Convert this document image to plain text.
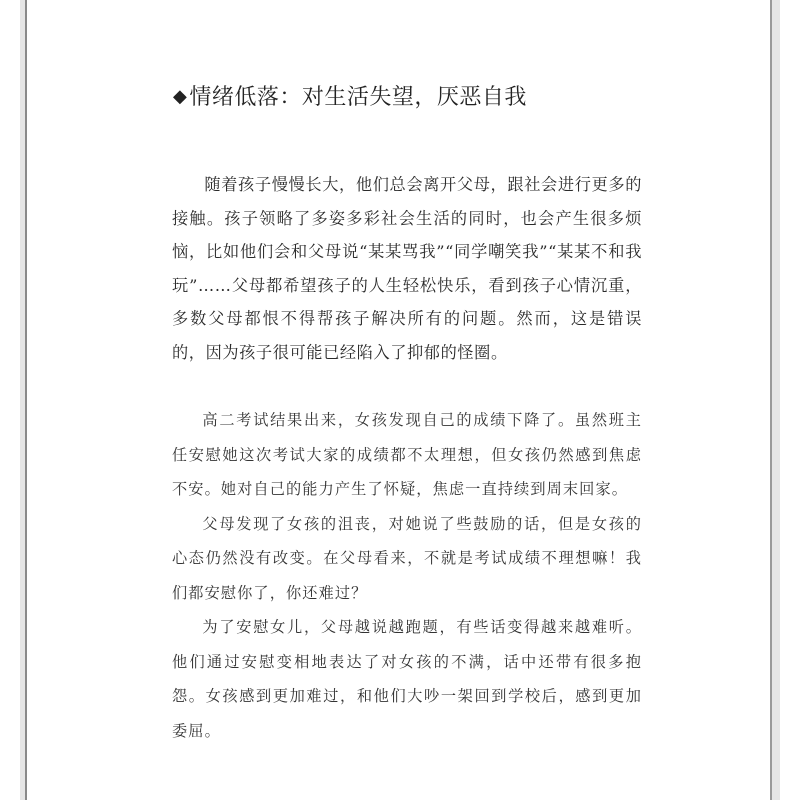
◆情绪低落：对生活失望，厌恶自我
随着孩子慢慢长大，他们总会离开父母，跟社会进行更多的接触。孩子领略了多姿多彩社会生活的同时，也会产生很多烦恼，比如他们会和父母说“某某骂我”“同学嘲笑我”“某某不和我玩”……父母都希望孩子的人生轻松快乐，看到孩子心情沉重，多数父母都恨不得帮孩子解决所有的问题。然而，这是错误的，因为孩子很可能已经陷入了抑郁的怪圈。

高二考试结果出来，女孩发现自己的成绩下降了。虽然班主任安慰她这次考试大家的成绩都不太理想，但女孩仍然感到焦虑不安。她对自己的能力产生了怀疑，焦虑一直持续到周末回家。

父母发现了女孩的沮丧，对她说了些鼓励的话，但是女孩的心态仍然没有改变。在父母看来，不就是考试成绩不理想嘛！我们都安慰你了，你还难过？

为了安慰女儿，父母越说越跑题，有些话变得越来越难听。他们通过安慰变相地表达了对女孩的不满，话中还带有很多抱怨。女孩感到更加难过，和他们大吵一架回到学校后，感到更加委屈。
